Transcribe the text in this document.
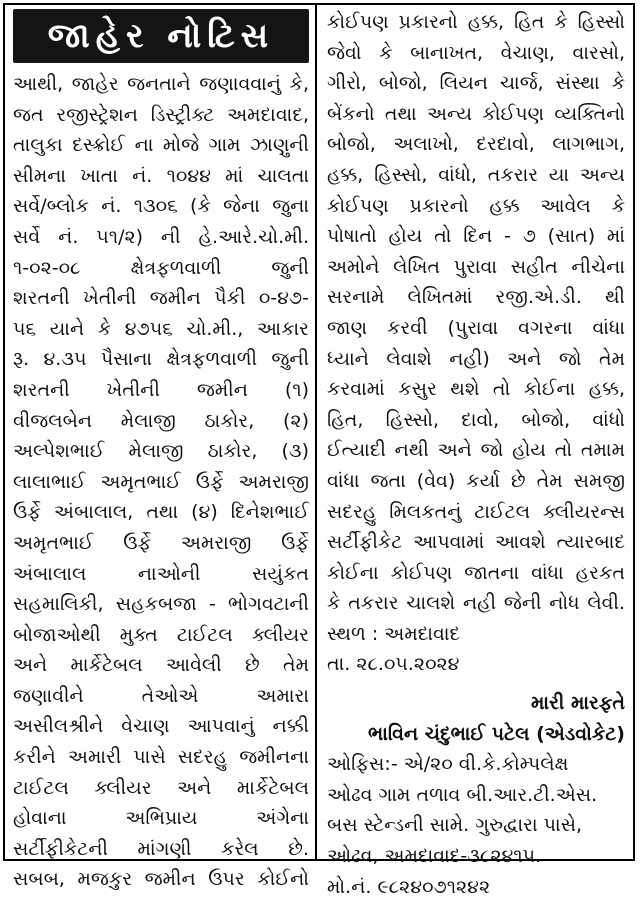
જાહેર નોટિસ
આથી, જાહેર જનતાને જણાવવાનું કે,
જત રજીસ્ટ્રેશન ડિસ્ટ્રીક્ટ અમદાવાદ,
તાલુકા દસ્ક્રોઈ ના મોજે ગામ ઝાણુની
સીમના ખાતા નં. ૧૦૪૪ માં ચાલતા
સર્વે/બ્લોક નં. ૧૩૦૬ (કે જેના જુના
સર્વે નં. ૫૧/૨) ની હે.આરે.ચો.મી.
૧-૦૨-૦૮ ક્ષેત્રફળવાળી જુની
શરતની ખેતીની જમીન પૈકી ૦-૪૭-
૫૬ યાને કે ૪૭૫૬ ચો.મી., આકાર
રૂ. ૪.૩૫ પૈસાના ક્ષેત્રફળવાળી જુની
શરતની ખેતીની જમીન (૧)
વીજલબેન મેલાજી ઠાકોર, (૨)
અલ્પેશભાઈ મેલાજી ઠાકોર, (૩)
લાલાભાઈ અમૃતભાઈ ઉર્ફે અમરાજી
ઉર્ફે અંબાલાલ, તથા (૪) દિનેશભાઈ
અમૃતભાઈ ઉર્ફે અમરાજી ઉર્ફે
અંબાલાલ નાઓની સયુંકત
સહમાલિકી, સહકબજા - ભોગવટાની
બોજાઓથી મુક્ત ટાઈટલ ક્લીયર
અને માર્કેટેબલ આવેલી છે તેમ
જણાવીને તેઓએ અમારા
અસીલશ્રીને વેચાણ આપવાનું નક્કી
કરીને અમારી પાસે સદરહુ જમીનના
ટાઈટલ ક્લીયર અને માર્કેટેબલ
હોવાના અભિપ્રાય અંગેના
સર્ટીફીકેટની માંગણી કરેલ છે.
સબબ, મજકુર જમીન ઉપર કોઈનો
કોઈપણ પ્રકારનો હક્ક, હિત કે હિસ્સો
જેવો કે બાનાખત, વેચાણ, વારસો,
ગીરો, બોજો, લિયન ચાર્જ, સંસ્થા કે
બેંકનો તથા અન્ય કોઈપણ વ્યક્તિનો
બોજો, અલાખો, દરદાવો, લાગભાગ,
હક્ક, હિસ્સો, વાંધો, તકરાર યા અન્ય
કોઈપણ પ્રકારનો હક્ક આવેલ કે
પોષાતો હોય તો દિન - ૭ (સાત) માં
અમોને લેખિત પુરાવા સહીત નીચેના
સરનામે લેખિતમાં રજી.એ.ડી. થી
જાણ કરવી (પુરાવા વગરના વાંધા
ધ્યાને લેવાશે નહી) અને જો તેમ
કરવામાં કસુર થશે તો કોઈના હક્ક,
હિત, હિસ્સો, દાવો, બોજો, વાંધો
ઈત્યાદી નથી અને જો હોય તો તમામ
વાંધા જતા (વેવ) કર્યા છે તેમ સમજી
સદરહુ મિલકતનું ટાઈટલ ક્લીયરન્સ
સર્ટીફીકેટ આપવામાં આવશે ત્યારબાદ
કોઈના કોઈપણ જાતના વાંધા હરકત
કે તકરાર ચાલશે નહી જેની નોધ લેવી.
સ્થળ : અમદાવાદ
તા. ૨૮.૦૫.૨૦૨૪
મારી મારફતે
ભાવિન ચંદુભાઈ પટેલ (એડવોકેટ)
ઓફિસ:- એ/૨૦ વી.કે.કોમ્પલેક્ષ
ઓઢવ ગામ તળાવ બી.આર.ટી.એસ.
બસ સ્ટેન્ડની સામે. ગુરુદ્વારા પાસે,
ઓઢવ, અમદાવાદ-૩૮૨૪૧૫.
મો.નં. ૯૮૨૪૦૭૧૨૪૨
